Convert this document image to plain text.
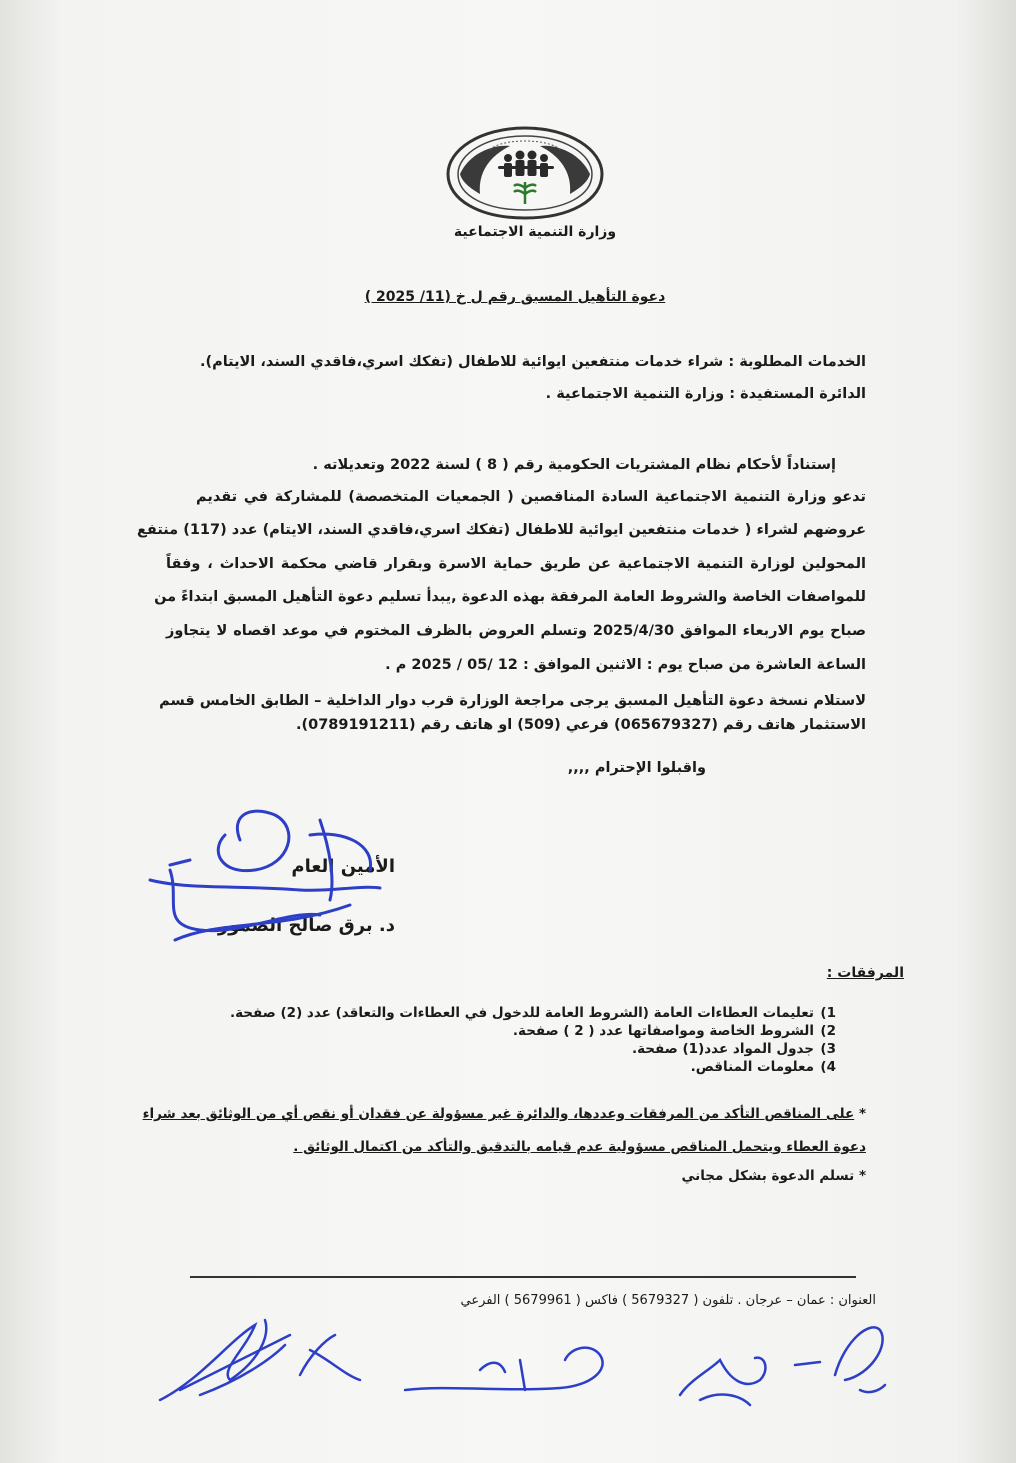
وزارة التنمية الاجتماعية
دعوة التأهيل المسبق رقم ل خ (11/ 2025 )
الخدمات المطلوبة : شراء خدمات منتفعين ايوائية للاطفال (تفكك اسري،فاقدي السند، الايتام).
الدائرة المستفيدة : وزارة التنمية الاجتماعية .
إستناداً لأحكام نظام المشتريات الحكومية رقم ( 8 ) لسنة 2022 وتعديلاته .
تدعو وزارة التنمية الاجتماعية السادة المناقصين ( الجمعيات المتخصصة) للمشاركة في تقديم
عروضهم لشراء ( خدمات منتفعين ايوائية للاطفال (تفكك اسري،فاقدي السند، الايتام) عدد (117) منتفع
المحولين لوزارة التنمية الاجتماعية عن طريق حماية الاسرة وبقرار قاضي محكمة الاحداث ، وفقاً
للمواصفات الخاصة والشروط العامة المرفقة بهذه الدعوة ,يبدأ تسليم دعوة التأهيل المسبق ابتداءً من
صباح يوم الاربعاء الموافق 2025/4/30 وتسلم العروض بالظرف المختوم في موعد اقصاه لا يتجاوز
الساعة العاشرة من صباح يوم : الاثنين الموافق : 12 /05 / 2025 م .
لاستلام نسخة دعوة التأهيل المسبق يرجى مراجعة الوزارة قرب دوار الداخلية – الطابق الخامس قسم
الاستثمار هاتف رقم (065679327) فرعي (509) او هاتف رقم (0789191211).
واقبلوا الإحترام ,,,,
الأمين العام
د. برق صالح الضمور
المرفقات :
1)تعليمات العطاءات العامة (الشروط العامة للدخول في العطاءات والتعاقد) عدد (2) صفحة.
2)الشروط الخاصة ومواصفاتها عدد ( 2 ) صفحة.
3)جدول المواد عدد(1) صفحة.
4)معلومات المناقص.
* على المناقص التأكد من المرفقات وعددها، والدائرة غير مسؤولة عن فقدان أو نقص أي من الوثائق بعد شراء
دعوة العطاء ويتحمل المناقص مسؤولية عدم قيامه بالتدقيق والتأكد من اكتمال الوثائق .
* تسلم الدعوة بشكل مجاني
العنوان : عمان – عرجان . تلفون ( 5679327 ) فاكس ( 5679961 ) الفرعي
